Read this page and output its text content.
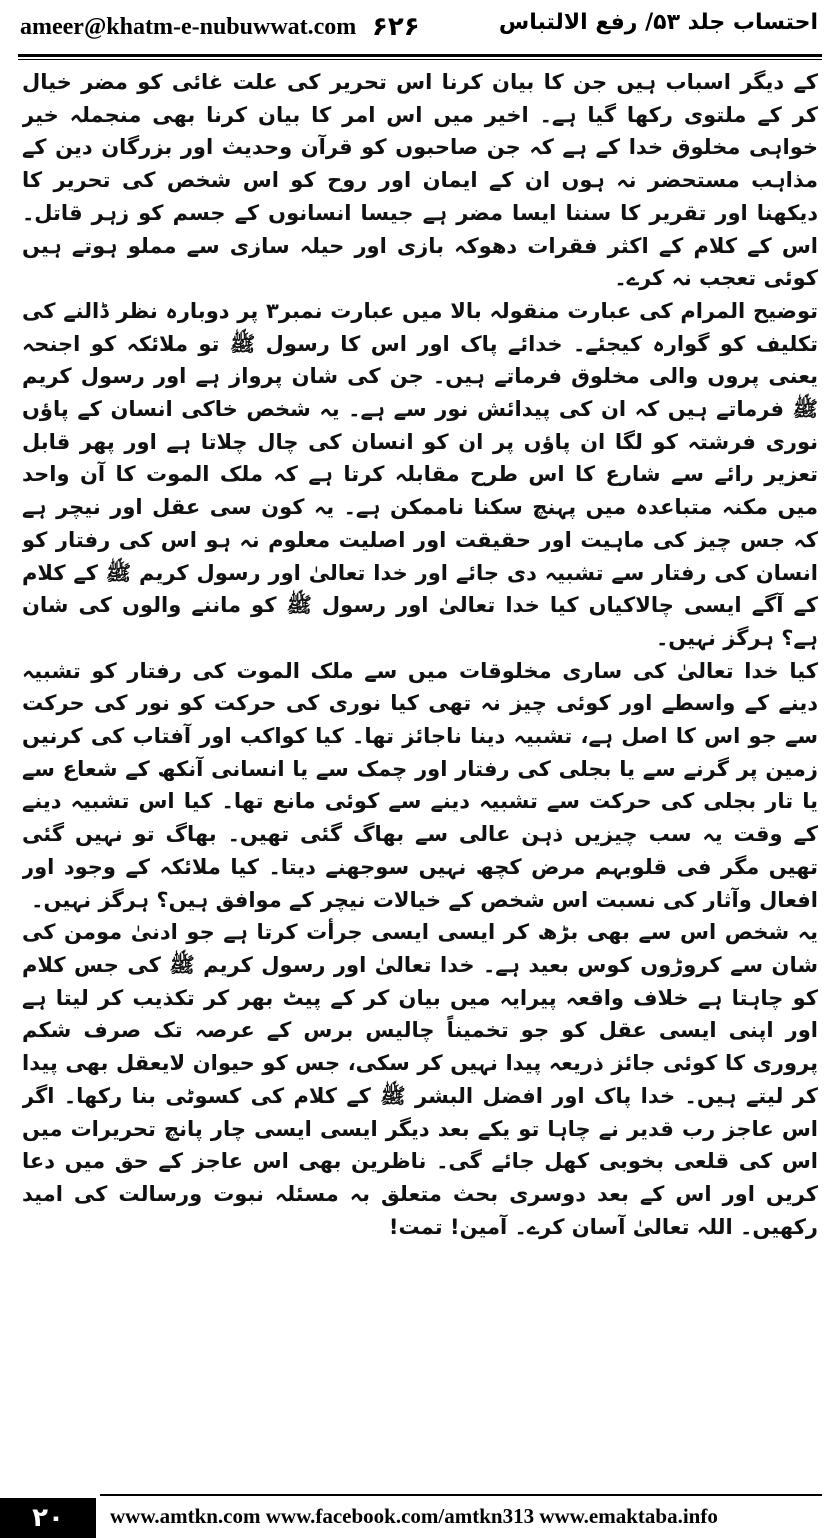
ameer@khatm-e-nubuwwat.com ۶۲۶	احتساب جلد ۵۳/ رفع الالتباس

کے دیگر اسباب ہیں جن کا بیان کرنا اس تحریر کی علت غائی کو مضر خیال کر کے ملتوی رکھا گیا ہے۔ اخیر میں اس امر کا بیان کرنا بھی منجملہ خیر خواہی مخلوق خدا کے ہے کہ جن صاحبوں کو قرآن وحدیث اور بزرگان دین کے مذاہب مستحضر نہ ہوں ان کے ایمان اور روح کو اس شخص کی تحریر کا دیکھنا اور تقریر کا سننا ایسا مضر ہے جیسا انسانوں کے جسم کو زہر قاتل۔ اس کے کلام کے اکثر فقرات دھوکہ بازی اور حیلہ سازی سے مملو ہوتے ہیں کوئی تعجب نہ کرے۔

توضیح المرام کی عبارت منقولہ بالا میں عبارت نمبر۳ پر دوبارہ نظر ڈالنے کی تکلیف کو گوارہ کیجئے۔ خدائے پاک اور اس کا رسول ﷺ تو ملائکہ کو اجنحہ یعنی پروں والی مخلوق فرماتے ہیں۔ جن کی شان پرواز ہے اور رسول کریم ﷺ فرماتے ہیں کہ ان کی پیدائش نور سے ہے۔ یہ شخص خاکی انسان کے پاؤں نوری فرشتہ کو لگا ان پاؤں پر ان کو انسان کی چال چلاتا ہے اور پھر قابل تعزیر رائے سے شارع کا اس طرح مقابلہ کرتا ہے کہ ملک الموت کا آن واحد میں مکنہ متباعدہ میں پہنچ سکنا ناممکن ہے۔ یہ کون سی عقل اور نیچر ہے کہ جس چیز کی ماہیت اور حقیقت اور اصلیت معلوم نہ ہو اس کی رفتار کو انسان کی رفتار سے تشبیہ دی جائے اور خدا تعالیٰ اور رسول کریم ﷺ کے کلام کے آگے ایسی چالاکیاں کیا خدا تعالیٰ اور رسول ﷺ کو ماننے والوں کی شان ہے؟ ہرگز نہیں۔

کیا خدا تعالیٰ کی ساری مخلوقات میں سے ملک الموت کی رفتار کو تشبیہ دینے کے واسطے اور کوئی چیز نہ تھی کیا نوری کی حرکت کو نور کی حرکت سے جو اس کا اصل ہے، تشبیہ دینا ناجائز تھا۔ کیا کواکب اور آفتاب کی کرنیں زمین پر گرنے سے یا بجلی کی رفتار اور چمک سے یا انسانی آنکھ کے شعاع سے یا تار بجلی کی حرکت سے تشبیہ دینے سے کوئی مانع تھا۔ کیا اس تشبیہ دینے کے وقت یہ سب چیزیں ذہن عالی سے بھاگ گئی تھیں۔ بھاگ تو نہیں گئی تھیں مگر فی قلوبہم مرض کچھ نہیں سوجھنے دیتا۔ کیا ملائکہ کے وجود اور افعال وآثار کی نسبت اس شخص کے خیالات نیچر کے موافق ہیں؟ ہرگز نہیں۔

یہ شخص اس سے بھی بڑھ کر ایسی ایسی جرأت کرتا ہے جو ادنیٰ مومن کی شان سے کروڑوں کوس بعید ہے۔ خدا تعالیٰ اور رسول کریم ﷺ کی جس کلام کو چاہتا ہے خلاف واقعہ پیرایہ میں بیان کر کے پیٹ بھر کر تکذیب کر لیتا ہے اور اپنی ایسی عقل کو جو تخمیناً چالیس برس کے عرصہ تک صرف شکم پروری کا کوئی جائز ذریعہ پیدا نہیں کر سکی، جس کو حیوان لایعقل بھی پیدا کر لیتے ہیں۔ خدا پاک اور افضل البشر ﷺ کے کلام کی کسوٹی بنا رکھا۔ اگر اس عاجز رب قدیر نے چاہا تو یکے بعد دیگر ایسی ایسی چار پانچ تحریرات میں اس کی قلعی بخوبی کھل جائے گی۔ ناظرین بھی اس عاجز کے حق میں دعا کریں اور اس کے بعد دوسری بحث متعلق بہ مسئلہ نبوت ورسالت کی امید رکھیں۔ اللہ تعالیٰ آسان کرے۔ آمین! تمت!

۲۰	www.amtkn.com www.facebook.com/amtkn313 www.emaktaba.info
